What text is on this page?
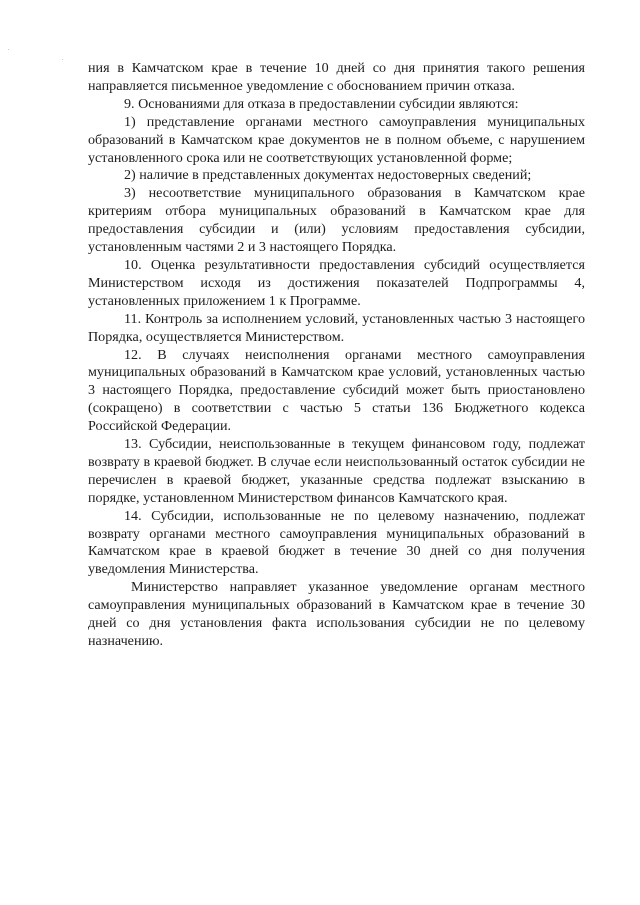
ния в Камчатском крае в течение 10 дней со дня принятия такого решения направляется письменное уведомление с обоснованием причин отказа.

9. Основаниями для отказа в предоставлении субсидии являются:

1) представление органами местного самоуправления муниципальных образований в Камчатском крае документов не в полном объеме, с нарушением установленного срока или не соответствующих установленной форме;

2) наличие в представленных документах недостоверных сведений;

3) несоответствие муниципального образования в Камчатском крае критериям отбора муниципальных образований в Камчатском крае для предоставления субсидии и (или) условиям предоставления субсидии, установленным частями 2 и 3 настоящего Порядка.

10. Оценка результативности предоставления субсидий осуществляется Министерством исходя из достижения показателей Подпрограммы 4, установленных приложением 1 к Программе.

11. Контроль за исполнением условий, установленных частью 3 настоящего Порядка, осуществляется Министерством.

12. В случаях неисполнения органами местного самоуправления муниципальных образований в Камчатском крае условий, установленных частью 3 настоящего Порядка, предоставление субсидий может быть приостановлено (сокращено) в соответствии с частью 5 статьи 136 Бюджетного кодекса Российской Федерации.

13. Субсидии, неиспользованные в текущем финансовом году, подлежат возврату в краевой бюджет. В случае если неиспользованный остаток субсидии не перечислен в краевой бюджет, указанные средства подлежат взысканию в порядке, установленном Министерством финансов Камчатского края.

14. Субсидии, использованные не по целевому назначению, подлежат возврату органами местного самоуправления муниципальных образований в Камчатском крае в краевой бюджет в течение 30 дней со дня получения уведомления Министерства.

Министерство направляет указанное уведомление органам местного самоуправления муниципальных образований в Камчатском крае в течение 30 дней со дня установления факта использования субсидии не по целевому назначению.
